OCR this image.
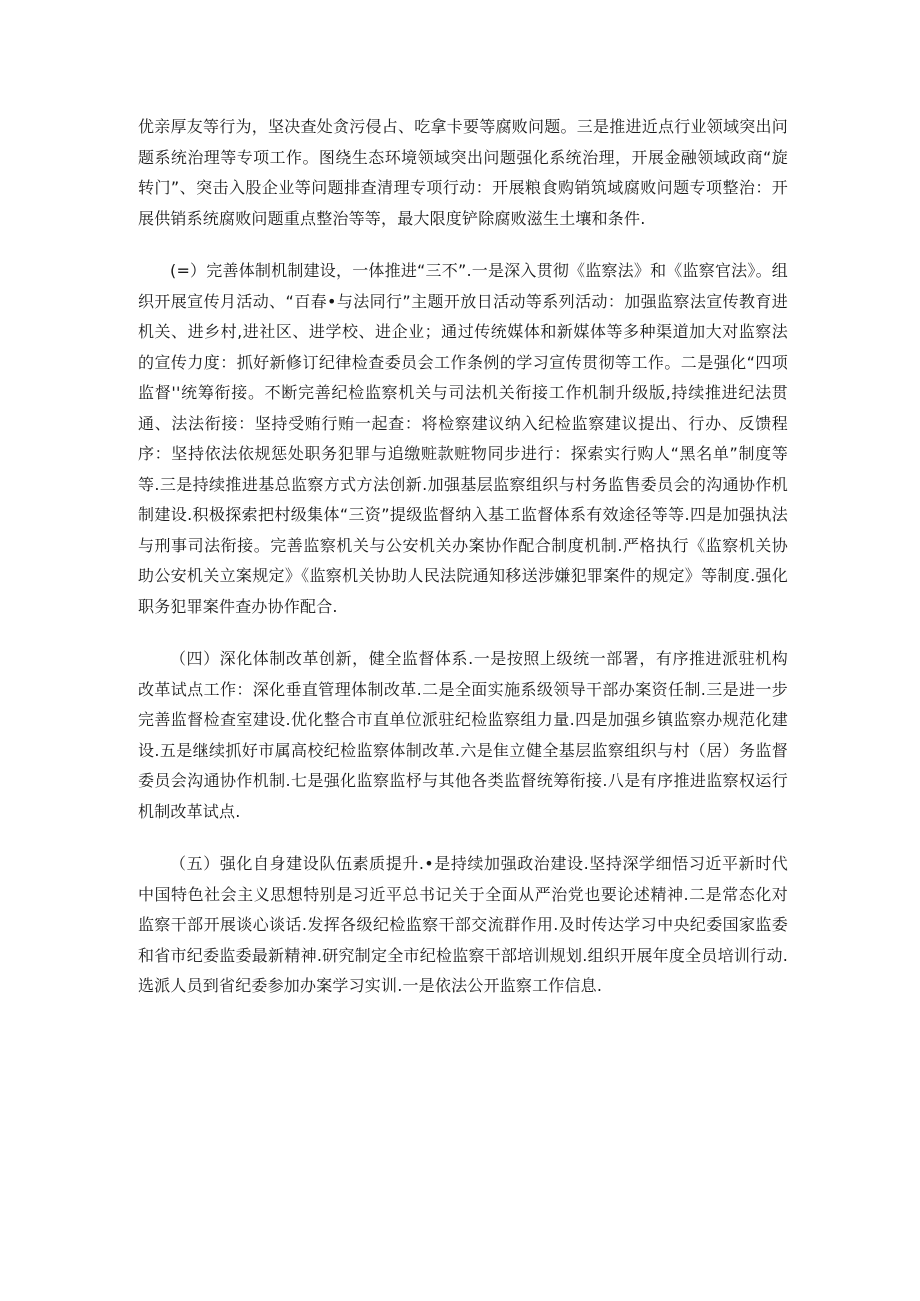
优亲厚友等行为，坚决查处贪污侵占、吃拿卡要等腐败问题。三是推进近点行业领域突出问题系统治理等专项工作。图绕生态环境领域突出问题强化系统治理，开展金融领域政商“旋转门”、突击入股企业等问题排查清理专项行动：开展粮食购销筑域腐败问题专项整治：开展供销系统腐败问题重点整治等等，最大限度铲除腐败滋生土壤和条件.

(=）完善体制机制建设，一体推进“三不”.一是深入贯彻《监察法》和《监察官法》。组织开展宣传月活动、“百春•与法同行”主题开放日活动等系列活动：加强监察法宣传教育进机关、进乡村,进社区、进学校、进企业；通过传统媒体和新媒体等多种渠道加大对监察法的宣传力度：抓好新修订纪律检查委员会工作条例的学习宣传贯彻等工作。二是强化“四项监督''统筹衔接。不断完善纪检监察机关与司法机关衔接工作机制升级版,持续推进纪法贯通、法法衔接：坚持受贿行贿一起查：将检察建议纳入纪检监察建议提出、行办、反馈程序：坚持依法依规惩处职务犯罪与追缴赃款赃物同步进行：探索实行购人“黑名单”制度等等.三是持续推进基总监察方式方法创新.加强基层监察组织与村务监售委员会的沟通协作机制建设.积极探索把村级集体“三资”提级监督纳入基工监督体系有效途径等等.四是加强执法与刑事司法衔接。完善监察机关与公安机关办案协作配合制度机制.严格执行《监察机关协助公安机关立案规定》《监察机关协助人民法院通知移送涉嫌犯罪案件的规定》等制度.强化职务犯罪案件查办协作配合.

（四）深化体制改革创新，健全监督体系.一是按照上级统一部署，有序推进派驻机构改革试点工作：深化垂直管理体制改革.二是全面实施系级领导干部办案资任制.三是进一步完善监督检查室建设.优化整合市直单位派驻纪检监察组力量.四是加强乡镇监察办规范化建设.五是继续抓好市属高校纪检监察体制改革.六是隹立健全基层监察组织与村（居）务监督委员会沟通协作机制.七是强化监察监杼与其他各类监督统筹衔接.八是有序推进监察权运行机制改革试点.

（五）强化自身建设队伍素质提升.•是持续加强政治建设.坚持深学细悟习近平新时代中国特色社会主义思想特别是习近平总书记关于全面从严治党也要论述精神.二是常态化对监察干部开展谈心谈话.发挥各级纪检监察干部交流群作用.及时传达学习中央纪委国家监委和省市纪委监委最新精神.研究制定全市纪检监察干部培训规划.组织开展年度全员培训行动.选派人员到省纪委参加办案学习实训.一是依法公开监察工作信息.
